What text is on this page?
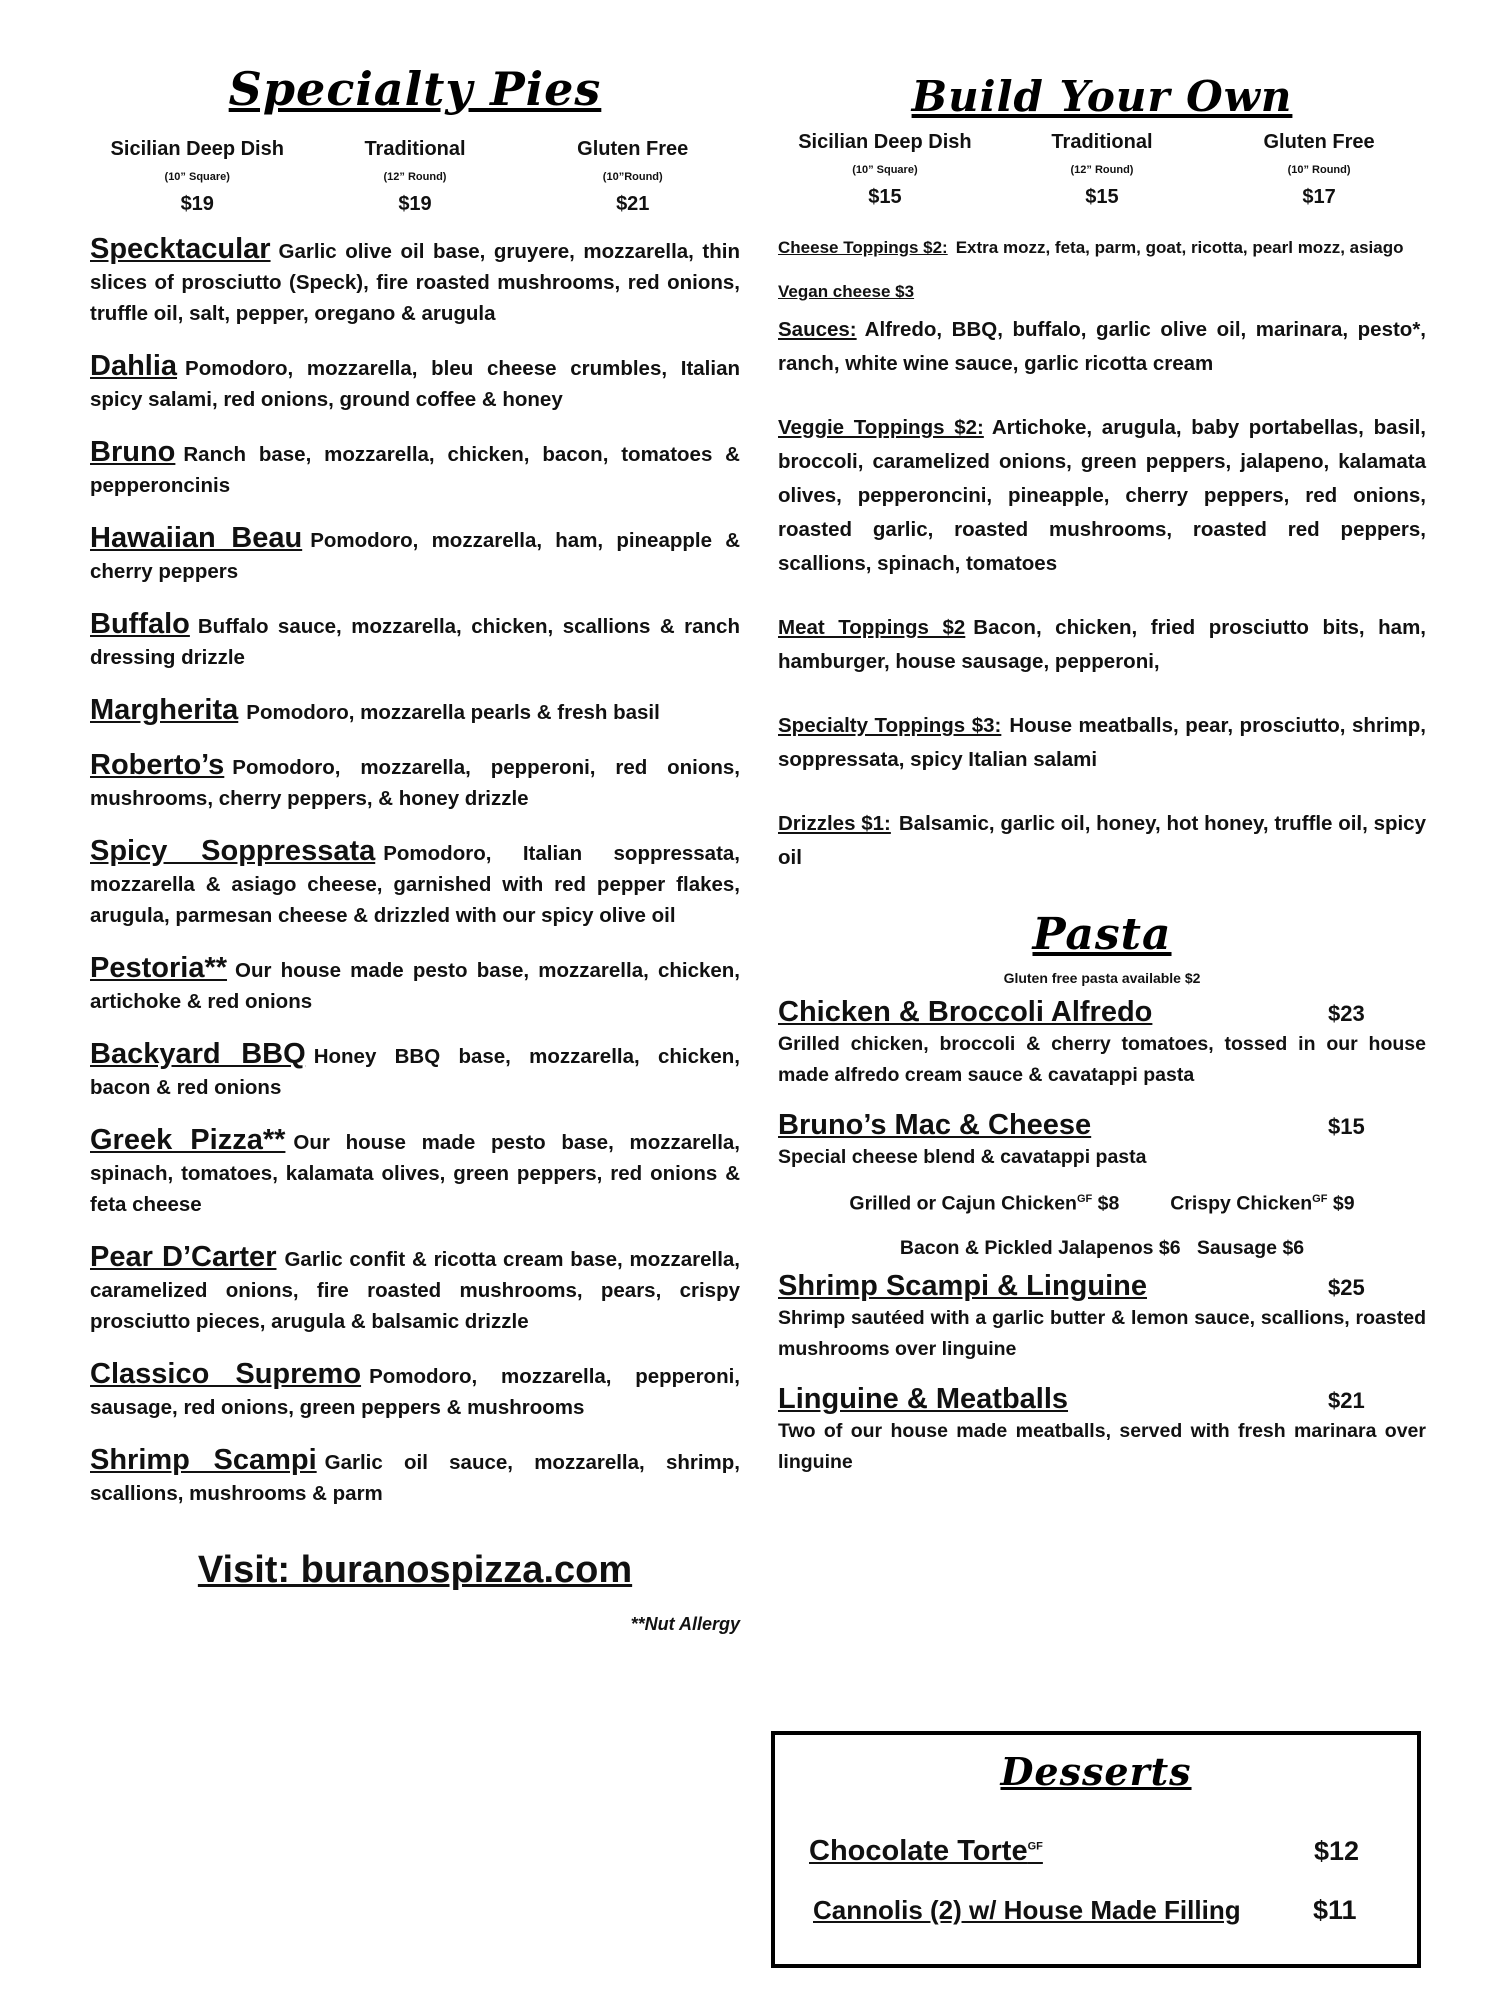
Specialty Pies
Sicilian Deep Dish
(10” Square)
$19
Traditional
(12” Round)
$19
Gluten Free
(10”Round)
$21
Specktacular Garlic olive oil base, gruyere, mozzarella, thin slices of prosciutto (Speck), fire roasted mushrooms, red onions, truffle oil, salt, pepper, oregano & arugula
Dahlia Pomodoro, mozzarella, bleu cheese crumbles, Italian spicy salami, red onions, ground coffee & honey
Bruno Ranch base, mozzarella, chicken, bacon, tomatoes & pepperoncinis
Hawaiian Beau Pomodoro, mozzarella, ham, pineapple & cherry peppers
Buffalo Buffalo sauce, mozzarella, chicken, scallions & ranch dressing drizzle
Margherita Pomodoro, mozzarella pearls & fresh basil
Roberto’s Pomodoro, mozzarella, pepperoni, red onions, mushrooms, cherry peppers, & honey drizzle
Spicy Soppressata Pomodoro, Italian soppressata, mozzarella & asiago cheese, garnished with red pepper flakes, arugula, parmesan cheese & drizzled with our spicy olive oil
Pestoria** Our house made pesto base, mozzarella, chicken, artichoke & red onions
Backyard BBQ Honey BBQ base, mozzarella, chicken, bacon & red onions
Greek Pizza** Our house made pesto base, mozzarella, spinach, tomatoes, kalamata olives, green peppers, red onions & feta cheese
Pear D’Carter Garlic confit & ricotta cream base, mozzarella, caramelized onions, fire roasted mushrooms, pears, crispy prosciutto pieces, arugula & balsamic drizzle
Classico Supremo Pomodoro, mozzarella, pepperoni, sausage, red onions, green peppers & mushrooms
Shrimp Scampi Garlic oil sauce, mozzarella, shrimp, scallions, mushrooms & parm
Visit: buranospizza.com
**Nut Allergy
Build Your Own
Sicilian Deep Dish
(10” Square)
$15
Traditional
(12” Round)
$15
Gluten Free
(10” Round)
$17
Cheese Toppings $2: Extra mozz, feta, parm, goat, ricotta, pearl mozz, asiago
Vegan cheese $3
Sauces: Alfredo, BBQ, buffalo, garlic olive oil, marinara, pesto*, ranch, white wine sauce, garlic ricotta cream
Veggie Toppings $2: Artichoke, arugula, baby portabellas, basil, broccoli, caramelized onions, green peppers, jalapeno, kalamata olives, pepperoncini, pineapple, cherry peppers, red onions, roasted garlic, roasted mushrooms, roasted red peppers, scallions, spinach, tomatoes
Meat Toppings $2 Bacon, chicken, fried prosciutto bits, ham, hamburger, house sausage, pepperoni,
Specialty Toppings $3: House meatballs, pear, prosciutto, shrimp, soppressata, spicy Italian salami
Drizzles $1: Balsamic, garlic oil, honey, hot honey, truffle oil, spicy oil
Pasta
Gluten free pasta available $2
Chicken & Broccoli Alfredo	$23
Grilled chicken, broccoli & cherry tomatoes, tossed in our house made alfredo cream sauce & cavatappi pasta
Bruno’s Mac & Cheese	$15
Special cheese blend & cavatappi pasta
Grilled or Cajun Chicken$^{GF}$ $8	Crispy Chicken$^{GF}$ $9
Bacon & Pickled Jalapenos $6   Sausage $6
Shrimp Scampi & Linguine	$25
Shrimp sautéed with a garlic butter & lemon sauce, scallions, roasted mushrooms over linguine
Linguine & Meatballs	$21
Two of our house made meatballs, served with fresh marinara over linguine
Desserts
Chocolate Torte$^{GF}$	$12
Cannolis (2) w/ House Made Filling	$11
